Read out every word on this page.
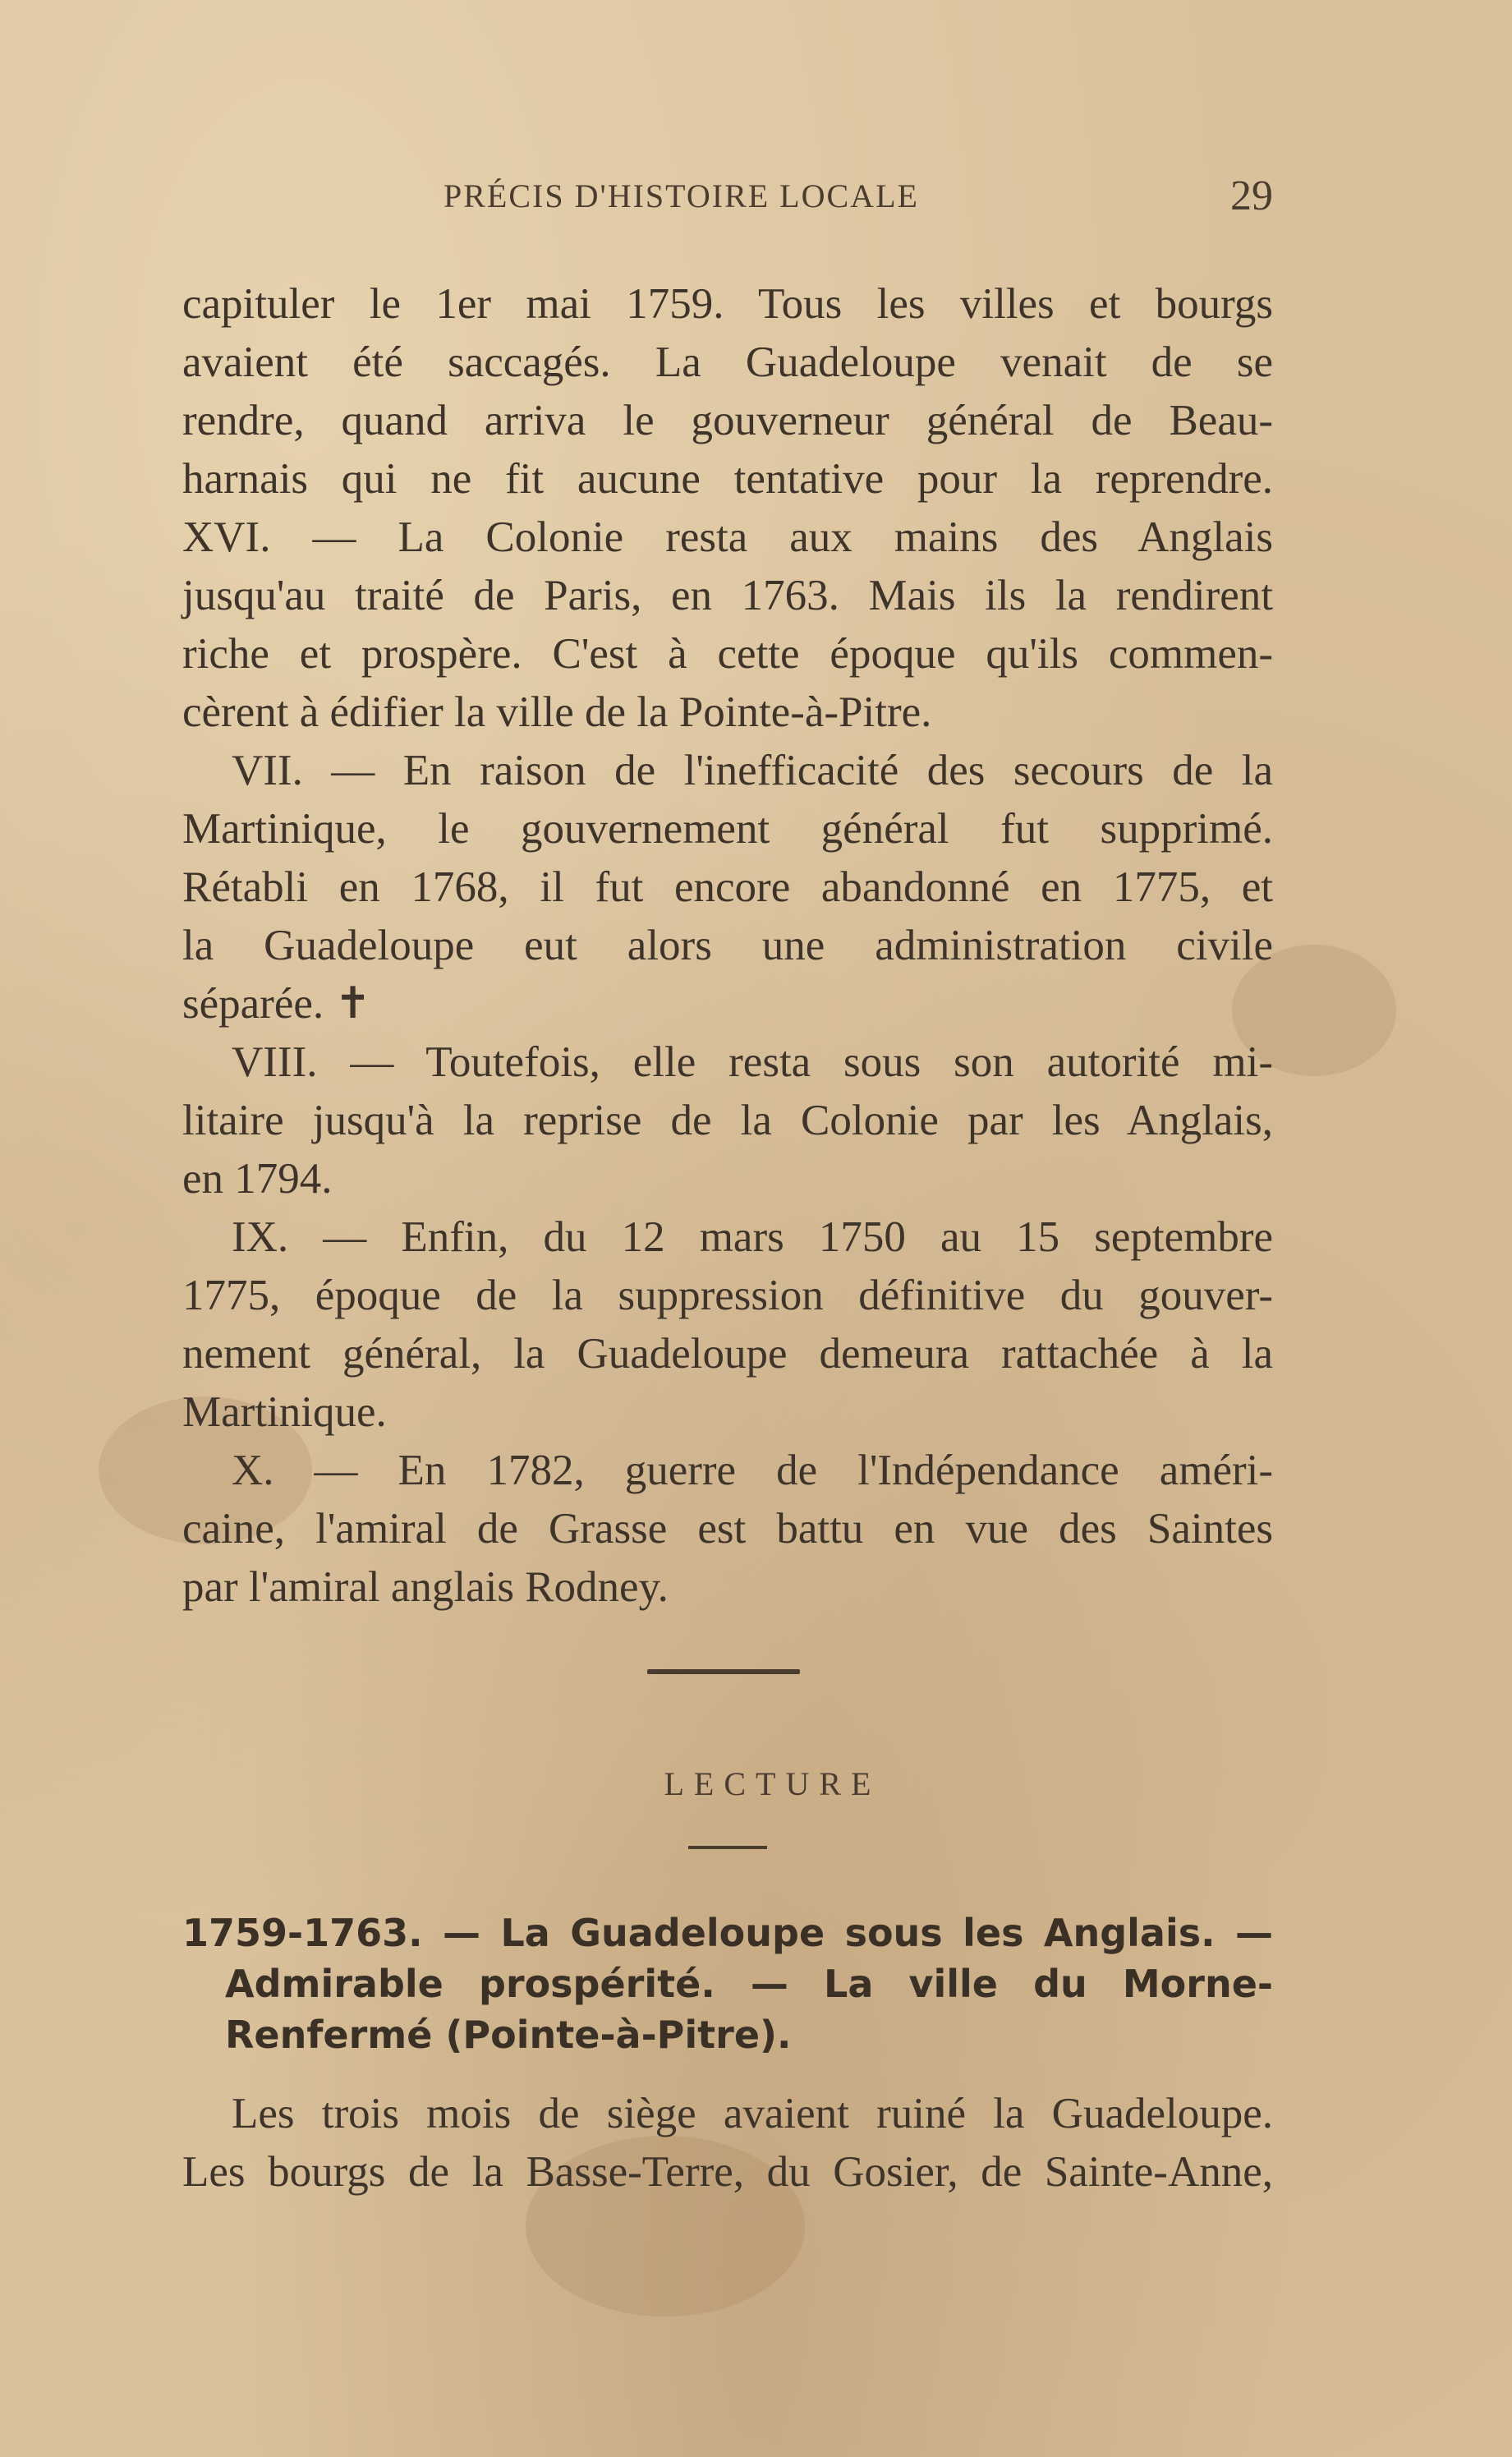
PRÉCIS D'HISTOIRE LOCALE	29
capituler le 1er mai 1759. Tous les villes et bourgs
avaient été saccagés. La Guadeloupe venait de se
rendre, quand arriva le gouverneur général de Beau-
harnais qui ne fit aucune tentative pour la reprendre.
XVI. — La Colonie resta aux mains des Anglais
jusqu'au traité de Paris, en 1763. Mais ils la rendirent
riche et prospère. C'est à cette époque qu'ils commen-
cèrent à édifier la ville de la Pointe-à-Pitre.
VII. — En raison de l'inefficacité des secours de la
Martinique, le gouvernement général fut supprimé.
Rétabli en 1768, il fut encore abandonné en 1775, et
la Guadeloupe eut alors une administration civile
séparée. ✝
VIII. — Toutefois, elle resta sous son autorité mi-
litaire jusqu'à la reprise de la Colonie par les Anglais,
en 1794.
IX. — Enfin, du 12 mars 1750 au 15 septembre
1775, époque de la suppression définitive du gouver-
nement général, la Guadeloupe demeura rattachée à la
Martinique.
X. — En 1782, guerre de l'Indépendance améri-
caine, l'amiral de Grasse est battu en vue des Saintes
par l'amiral anglais Rodney.
LECTURE
1759-1763. — La Guadeloupe sous les Anglais. —
Admirable prospérité. — La ville du Morne-
Renfermé (Pointe-à-Pitre).
Les trois mois de siège avaient ruiné la Guadeloupe.
Les bourgs de la Basse-Terre, du Gosier, de Sainte-Anne,
